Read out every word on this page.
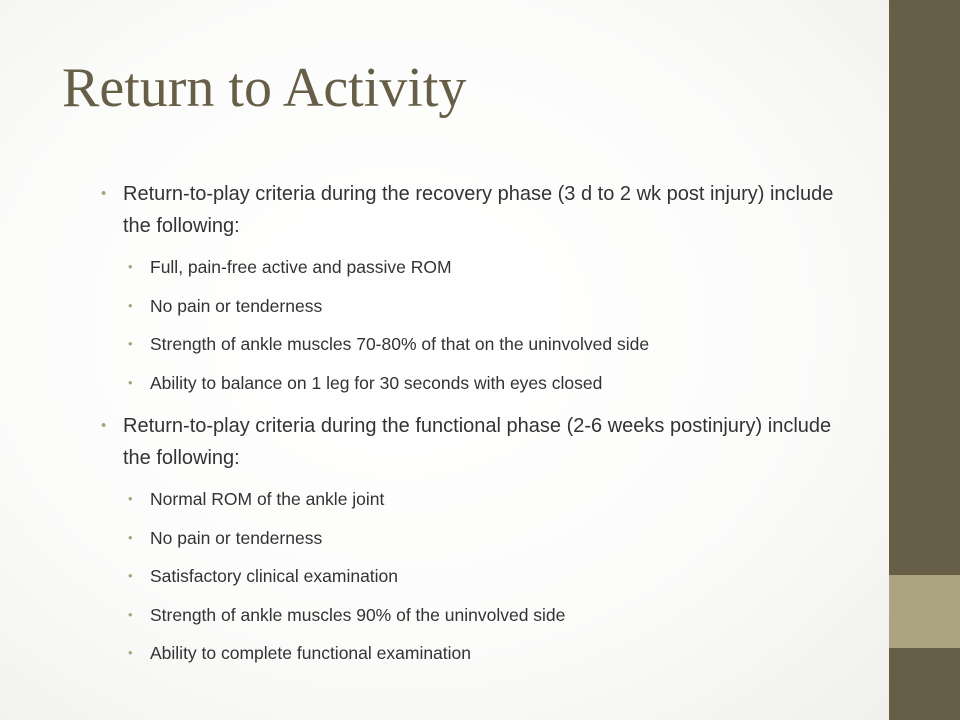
Return to Activity
• Return-to-play criteria during the recovery phase (3 d to 2 wk post injury) include the following:
• Full, pain-free active and passive ROM
• No pain or tenderness
• Strength of ankle muscles 70-80% of that on the uninvolved side
• Ability to balance on 1 leg for 30 seconds with eyes closed
• Return-to-play criteria during the functional phase (2-6 weeks postinjury) include the following:
• Normal ROM of the ankle joint
• No pain or tenderness
• Satisfactory clinical examination
• Strength of ankle muscles 90% of the uninvolved side
• Ability to complete functional examination
